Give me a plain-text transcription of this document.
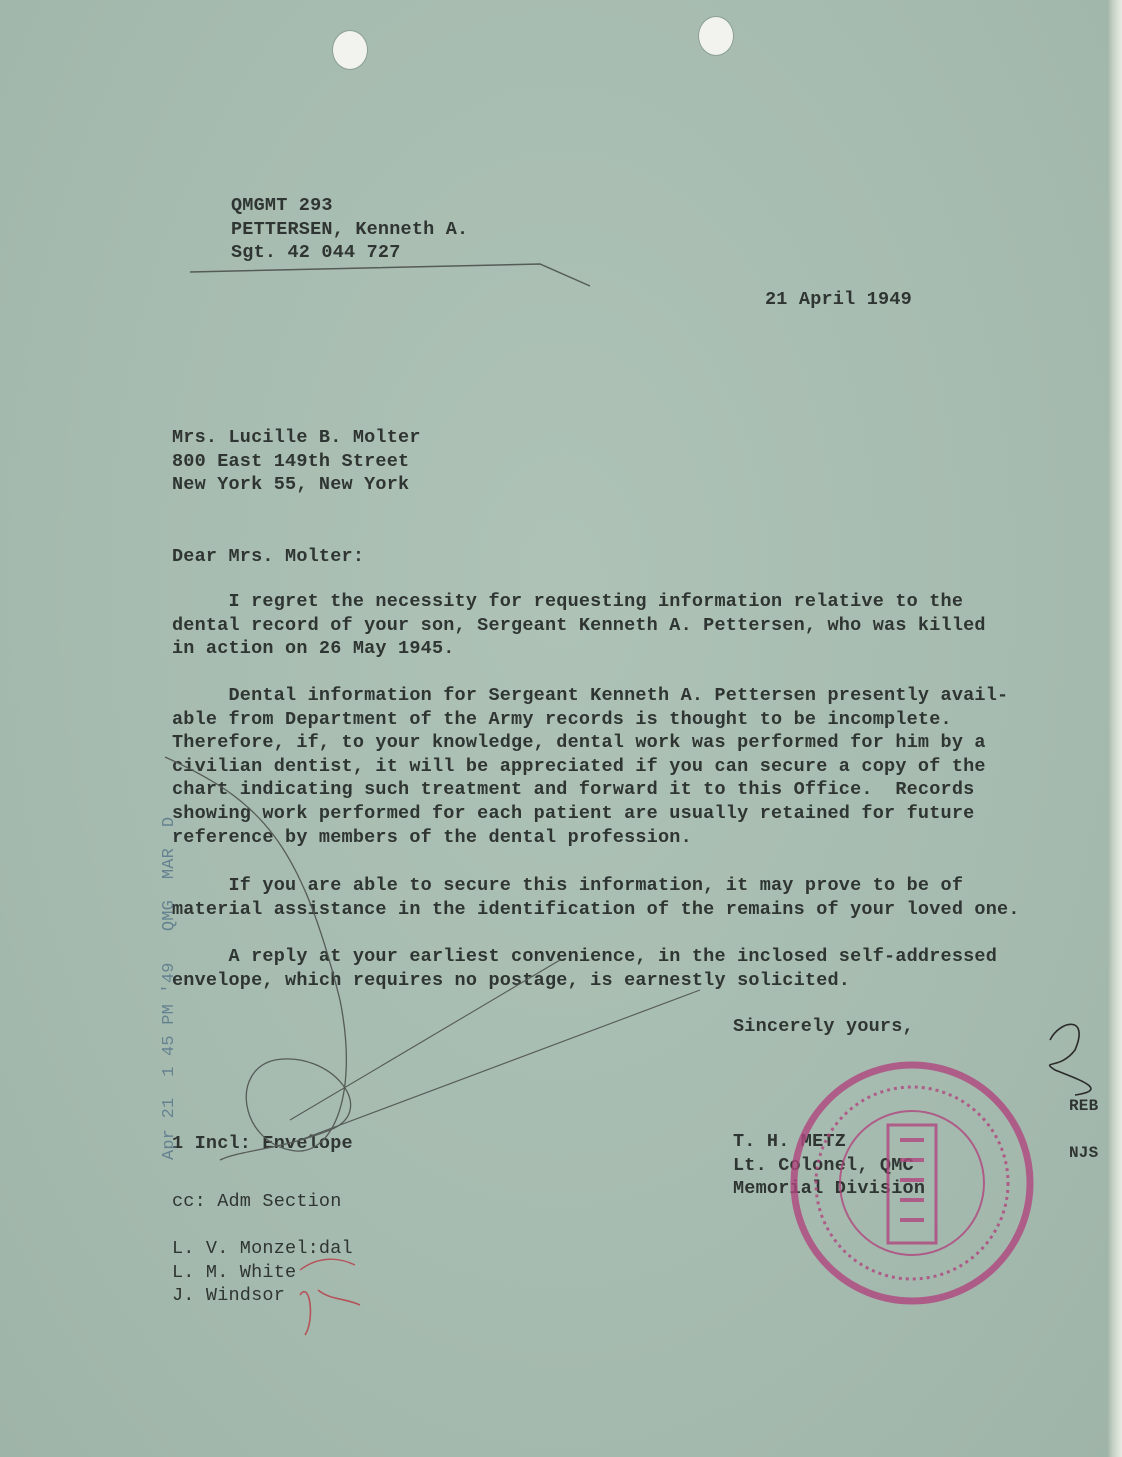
QMGMT 293
PETTERSEN, Kenneth A.
Sgt. 42 044 727
21 April 1949
Mrs. Lucille B. Molter
800 East 149th Street
New York 55, New York
Dear Mrs. Molter:
I regret the necessity for requesting information relative to the
dental record of your son, Sergeant Kenneth A. Pettersen, who was killed
in action on 26 May 1945.
Dental information for Sergeant Kenneth A. Pettersen presently avail-
able from Department of the Army records is thought to be incomplete.
Therefore, if, to your knowledge, dental work was performed for him by a
civilian dentist, it will be appreciated if you can secure a copy of the
chart indicating such treatment and forward it to this Office.  Records
showing work performed for each patient are usually retained for future
reference by members of the dental profession.
If you are able to secure this information, it may prove to be of
material assistance in the identification of the remains of your loved one.
A reply at your earliest convenience, in the inclosed self-addressed
envelope, which requires no postage, is earnestly solicited.
Sincerely yours,
T. H. METZ
Lt. Colonel, QMC
Memorial Division
REB
NJS
1 Incl: Envelope
cc: Adm Section
L. V. Monzel:dal
L. M. White
J. Windsor
Apr 21  1 45 PM '49   QMG  MAR  D
